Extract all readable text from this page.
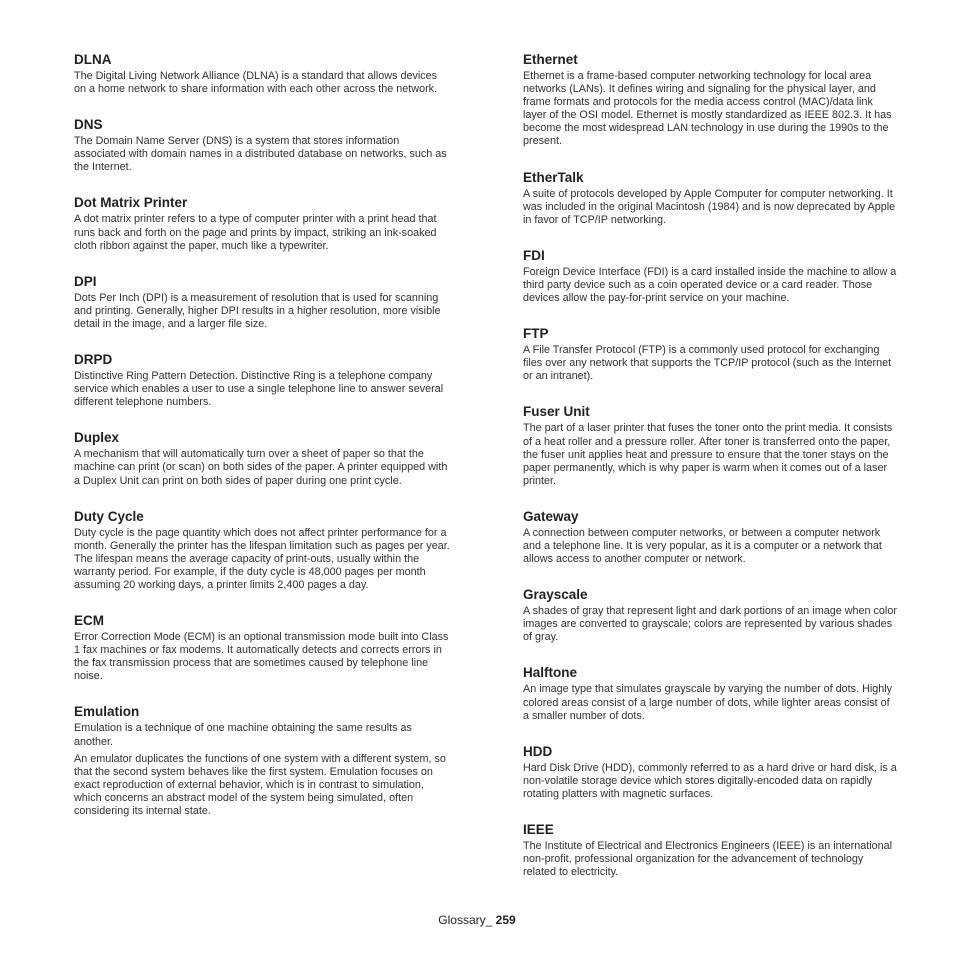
DLNA

The Digital Living Network Alliance (DLNA) is a standard that allows devices on a home network to share information with each other across the network.

DNS

The Domain Name Server (DNS) is a system that stores information associated with domain names in a distributed database on networks, such as the Internet.

Dot Matrix Printer

A dot matrix printer refers to a type of computer printer with a print head that runs back and forth on the page and prints by impact, striking an ink-soaked cloth ribbon against the paper, much like a typewriter.

DPI

Dots Per Inch (DPI) is a measurement of resolution that is used for scanning and printing. Generally, higher DPI results in a higher resolution, more visible detail in the image, and a larger file size.

DRPD

Distinctive Ring Pattern Detection. Distinctive Ring is a telephone company service which enables a user to use a single telephone line to answer several different telephone numbers.

Duplex

A mechanism that will automatically turn over a sheet of paper so that the machine can print (or scan) on both sides of the paper. A printer equipped with a Duplex Unit can print on both sides of paper during one print cycle.

Duty Cycle

Duty cycle is the page quantity which does not affect printer performance for a month. Generally the printer has the lifespan limitation such as pages per year. The lifespan means the average capacity of print-outs, usually within the warranty period. For example, if the duty cycle is 48,000 pages per month assuming 20 working days, a printer limits 2,400 pages a day.

ECM

Error Correction Mode (ECM) is an optional transmission mode built into Class 1 fax machines or fax modems. It automatically detects and corrects errors in the fax transmission process that are sometimes caused by telephone line noise.

Emulation

Emulation is a technique of one machine obtaining the same results as another.

An emulator duplicates the functions of one system with a different system, so that the second system behaves like the first system. Emulation focuses on exact reproduction of external behavior, which is in contrast to simulation, which concerns an abstract model of the system being simulated, often considering its internal state.

Ethernet

Ethernet is a frame-based computer networking technology for local area networks (LANs). It defines wiring and signaling for the physical layer, and frame formats and protocols for the media access control (MAC)/data link layer of the OSI model. Ethernet is mostly standardized as IEEE 802.3. It has become the most widespread LAN technology in use during the 1990s to the present.

EtherTalk

A suite of protocols developed by Apple Computer for computer networking. It was included in the original Macintosh (1984) and is now deprecated by Apple in favor of TCP/IP networking.

FDI

Foreign Device Interface (FDI) is a card installed inside the machine to allow a third party device such as a coin operated device or a card reader. Those devices allow the pay-for-print service on your machine.

FTP

A File Transfer Protocol (FTP) is a commonly used protocol for exchanging files over any network that supports the TCP/IP protocol (such as the Internet or an intranet).

Fuser Unit

The part of a laser printer that fuses the toner onto the print media. It consists of a heat roller and a pressure roller. After toner is transferred onto the paper, the fuser unit applies heat and pressure to ensure that the toner stays on the paper permanently, which is why paper is warm when it comes out of a laser printer.

Gateway

A connection between computer networks, or between a computer network and a telephone line. It is very popular, as it is a computer or a network that allows access to another computer or network.

Grayscale

A shades of gray that represent light and dark portions of an image when color images are converted to grayscale; colors are represented by various shades of gray.

Halftone

An image type that simulates grayscale by varying the number of dots. Highly colored areas consist of a large number of dots, while lighter areas consist of a smaller number of dots.

HDD

Hard Disk Drive (HDD), commonly referred to as a hard drive or hard disk, is a non-volatile storage device which stores digitally-encoded data on rapidly rotating platters with magnetic surfaces.

IEEE

The Institute of Electrical and Electronics Engineers (IEEE) is an international non-profit, professional organization for the advancement of technology related to electricity.

Glossary_ 259
